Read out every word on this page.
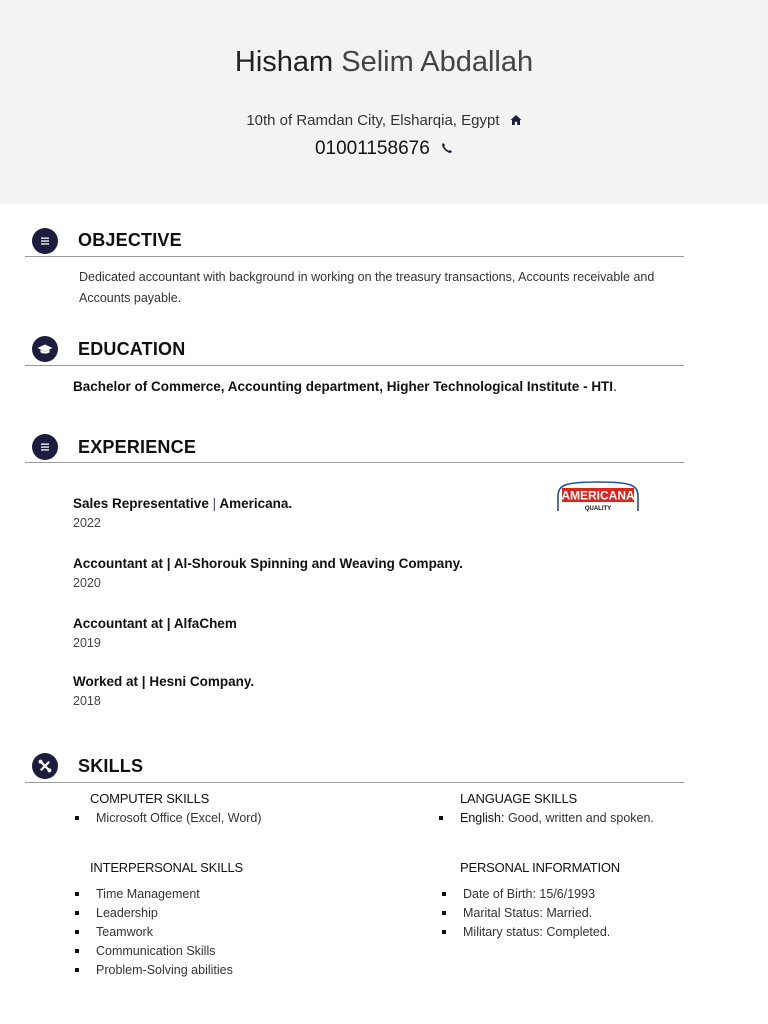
Hisham Selim Abdallah
10th of Ramdan City, Elsharqia, Egypt
01001158676
OBJECTIVE
Dedicated accountant with background in working on the treasury transactions, Accounts receivable and Accounts payable.
EDUCATION
Bachelor of Commerce, Accounting department, Higher Technological Institute - HTI.
EXPERIENCE
Sales Representative | Americana.
2022
AMERICANA
QUALITY
Accountant at | Al-Shorouk Spinning and Weaving Company.
2020
Accountant at | AlfaChem
2019
Worked at | Hesni Company.
2018
SKILLS
COMPUTER SKILLS
Microsoft Office (Excel, Word)
LANGUAGE SKILLS
English: Good, written and spoken.
INTERPERSONAL SKILLS
Time Management
Leadership
Teamwork
Communication Skills
Problem-Solving abilities
PERSONAL INFORMATION
Date of Birth: 15/6/1993
Marital Status: Married.
Military status: Completed.
